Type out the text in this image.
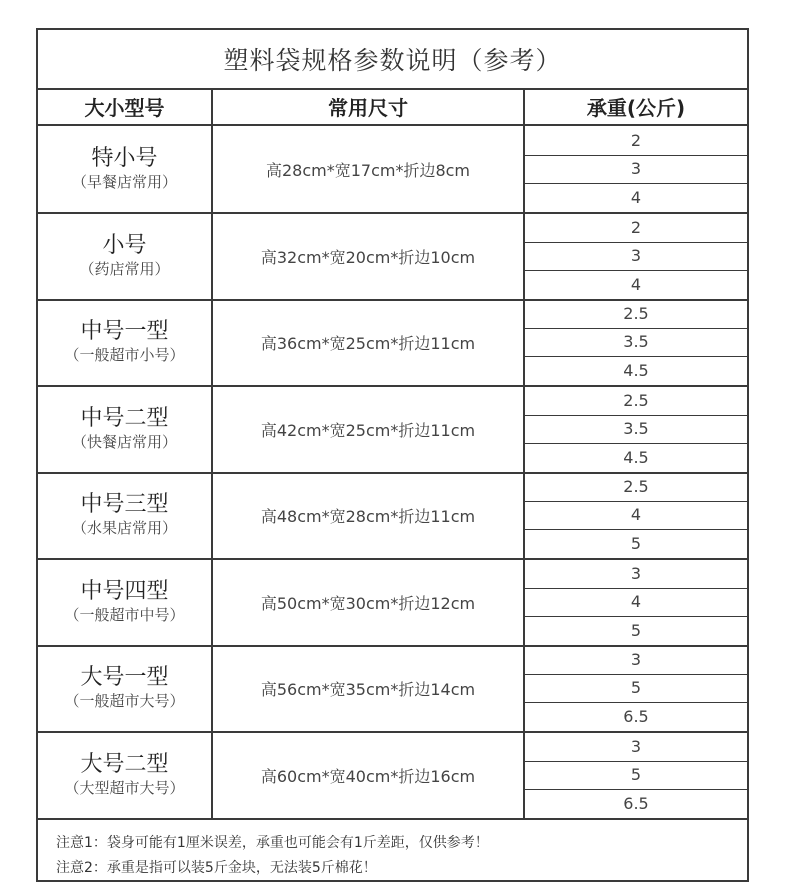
塑料袋规格参数说明（参考）
大小型号	常用尺寸	承重(公斤)
特小号
（早餐店常用）
高28cm*宽17cm*折边8cm
2
3
4
小号
（药店常用）
高32cm*宽20cm*折边10cm
2
3
4
中号一型
（一般超市小号）
高36cm*宽25cm*折边11cm
2.5
3.5
4.5
中号二型
（快餐店常用）
高42cm*宽25cm*折边11cm
2.5
3.5
4.5
中号三型
（水果店常用）
高48cm*宽28cm*折边11cm
2.5
4
5
中号四型
（一般超市中号）
高50cm*宽30cm*折边12cm
3
4
5
大号一型
（一般超市大号）
高56cm*宽35cm*折边14cm
3
5
6.5
大号二型
（大型超市大号）
高60cm*宽40cm*折边16cm
3
5
6.5
注意1：袋身可能有1厘米误差，承重也可能会有1斤差距，仅供参考！
注意2：承重是指可以装5斤金块，无法装5斤棉花！
